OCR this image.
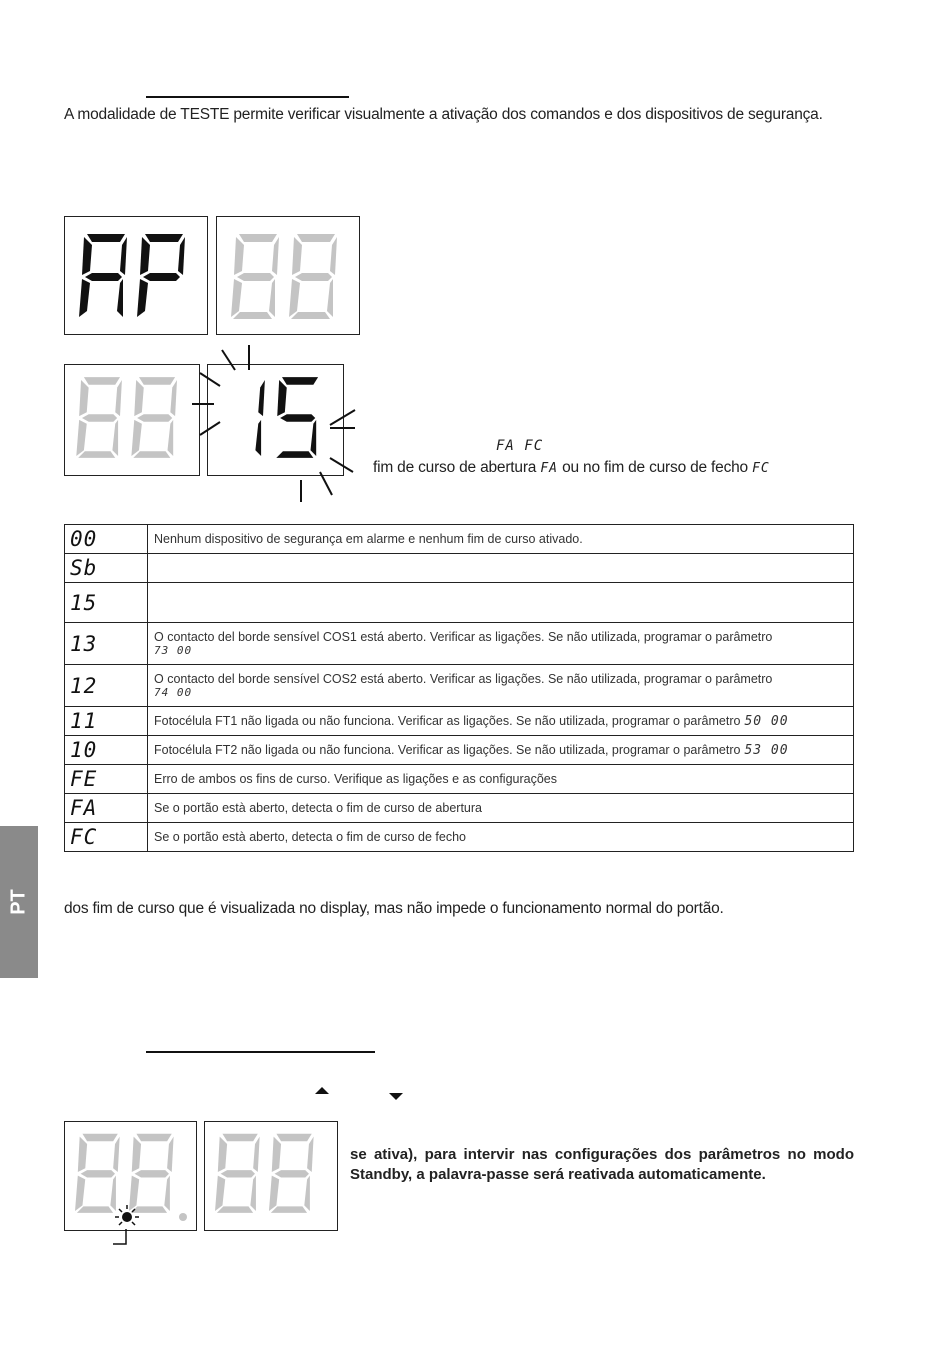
A modalidade de TESTE permite verificar visualmente a ativação dos comandos e dos dispositivos de segurança.
FA FC
fim de curso de abertura FA ou no fim de curso de fecho FC
00	Nenhum dispositivo de segurança em alarme e nenhum fim de curso ativado.
Sb	
15	
13	O contacto del borde sensível COS1 está aberto. Verificar as ligações. Se não utilizada, programar o parâmetro
73 00

12	O contacto del borde sensível COS2 está aberto. Verificar as ligações. Se não utilizada, programar o parâmetro
74 00

11	Fotocélula FT1 não ligada ou não funciona. Verificar as ligações. Se não utilizada, programar o parâmetro 50 00
10	Fotocélula FT2 não ligada ou não funciona. Verificar as ligações. Se não utilizada, programar o parâmetro 53 00
FE	Erro de ambos os fins de curso. Verifique as ligações e as configurações
FA	Se o portão està aberto, detecta o fim de curso de abertura
FC	Se o portão està aberto, detecta o fim de curso de fecho
dos fim de curso que é visualizada no display, mas não impede o funcionamento normal do portão.
PT
se ativa), para intervir nas configurações dos parâmetros no modo Standby, a palavra-passe será reativada automaticamente.
